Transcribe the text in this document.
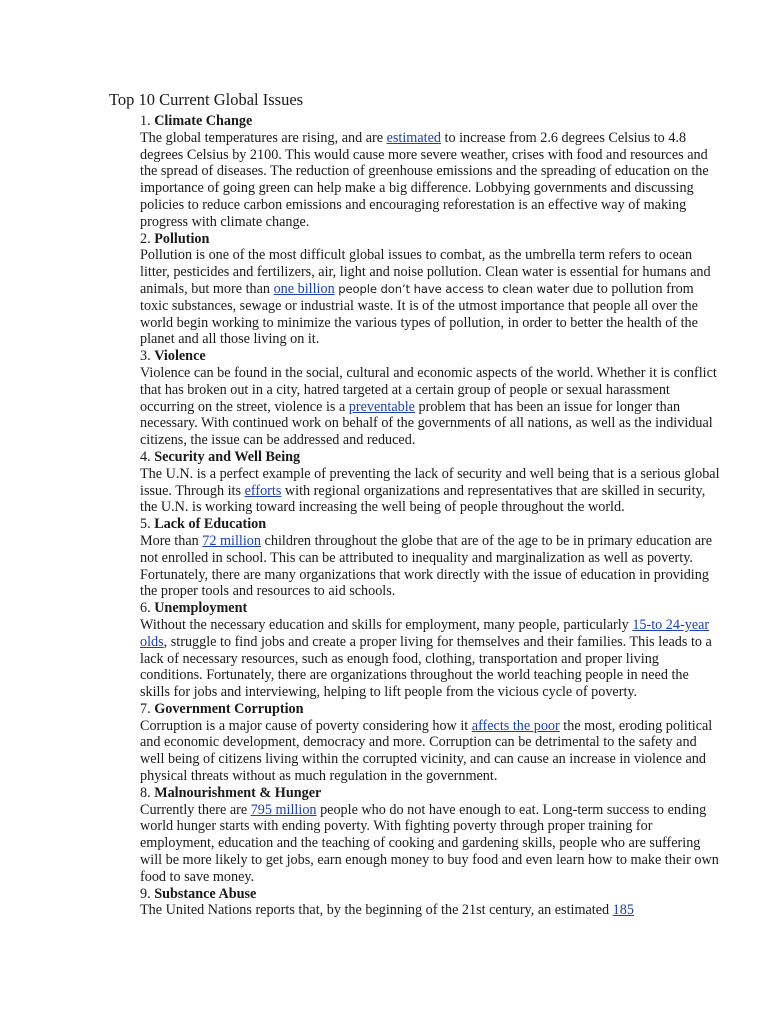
Top 10 Current Global Issues

1. Climate Change

The global temperatures are rising, and are estimated to increase from 2.6 degrees Celsius to 4.8 degrees Celsius by 2100. This would cause more severe weather, crises with food and resources and the spread of diseases. The reduction of greenhouse emissions and the spreading of education on the importance of going green can help make a big difference. Lobbying governments and discussing policies to reduce carbon emissions and encouraging reforestation is an effective way of making progress with climate change.

2. Pollution

Pollution is one of the most difficult global issues to combat, as the umbrella term refers to ocean litter, pesticides and fertilizers, air, light and noise pollution. Clean water is essential for humans and animals, but more than one billion people don’t have access to clean water due to pollution from toxic substances, sewage or industrial waste. It is of the utmost importance that people all over the world begin working to minimize the various types of pollution, in order to better the health of the planet and all those living on it.

3. Violence

Violence can be found in the social, cultural and economic aspects of the world. Whether it is conflict that has broken out in a city, hatred targeted at a certain group of people or sexual harassment occurring on the street, violence is a preventable problem that has been an issue for longer than necessary. With continued work on behalf of the governments of all nations, as well as the individual citizens, the issue can be addressed and reduced.

4. Security and Well Being

The U.N. is a perfect example of preventing the lack of security and well being that is a serious global issue. Through its efforts with regional organizations and representatives that are skilled in security, the U.N. is working toward increasing the well being of people throughout the world.

5. Lack of Education

More than 72 million children throughout the globe that are of the age to be in primary education are not enrolled in school. This can be attributed to inequality and marginalization as well as poverty. Fortunately, there are many organizations that work directly with the issue of education in providing the proper tools and resources to aid schools.

6. Unemployment

Without the necessary education and skills for employment, many people, particularly 15-to 24-year olds, struggle to find jobs and create a proper living for themselves and their families. This leads to a lack of necessary resources, such as enough food, clothing, transportation and proper living conditions. Fortunately, there are organizations throughout the world teaching people in need the skills for jobs and interviewing, helping to lift people from the vicious cycle of poverty.

7. Government Corruption

Corruption is a major cause of poverty considering how it affects the poor the most, eroding political and economic development, democracy and more. Corruption can be detrimental to the safety and well being of citizens living within the corrupted vicinity, and can cause an increase in violence and physical threats without as much regulation in the government.

8. Malnourishment & Hunger

Currently there are 795 million people who do not have enough to eat. Long-term success to ending world hunger starts with ending poverty. With fighting poverty through proper training for employment, education and the teaching of cooking and gardening skills, people who are suffering will be more likely to get jobs, earn enough money to buy food and even learn how to make their own food to save money.

9. Substance Abuse

The United Nations reports that, by the beginning of the 21st century, an estimated 185
